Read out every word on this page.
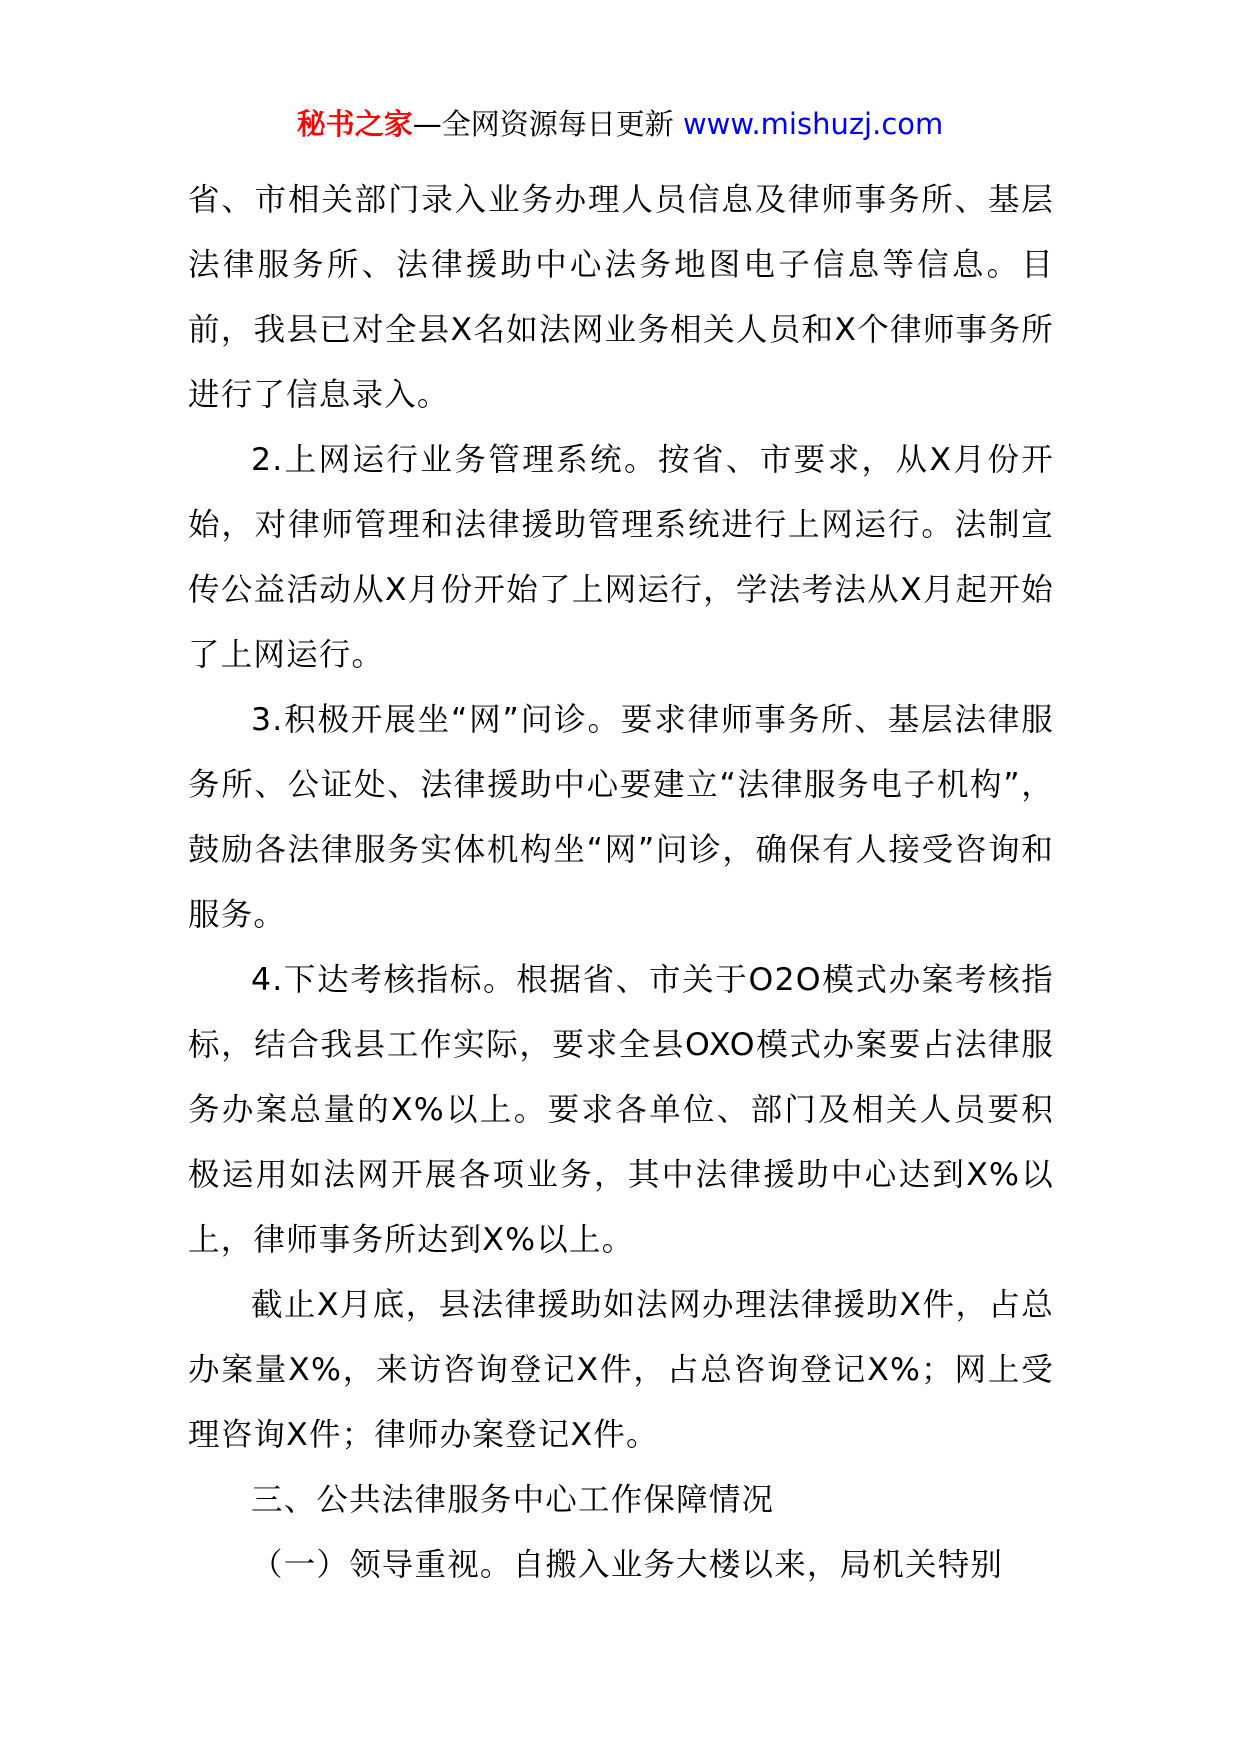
秘书之家—全网资源每日更新 www.mishuzj.com

省、市相关部门录入业务办理人员信息及律师事务所、基层法律服务所、法律援助中心法务地图电子信息等信息。目前，我县已对全县X名如法网业务相关人员和X个律师事务所进行了信息录入。

2.上网运行业务管理系统。按省、市要求，从X月份开始，对律师管理和法律援助管理系统进行上网运行。法制宣传公益活动从X月份开始了上网运行，学法考法从X月起开始了上网运行。

3.积极开展坐“网”问诊。要求律师事务所、基层法律服务所、公证处、法律援助中心要建立“法律服务电子机构”，鼓励各法律服务实体机构坐“网”问诊，确保有人接受咨询和服务。

4.下达考核指标。根据省、市关于O2O模式办案考核指标，结合我县工作实际，要求全县OXO模式办案要占法律服务办案总量的X%以上。要求各单位、部门及相关人员要积极运用如法网开展各项业务，其中法律援助中心达到X%以上，律师事务所达到X%以上。

截止X月底，县法律援助如法网办理法律援助X件，占总办案量X%，来访咨询登记X件，占总咨询登记X%；网上受理咨询X件；律师办案登记X件。

三、公共法律服务中心工作保障情况

（一）领导重视。自搬入业务大楼以来，局机关特别
